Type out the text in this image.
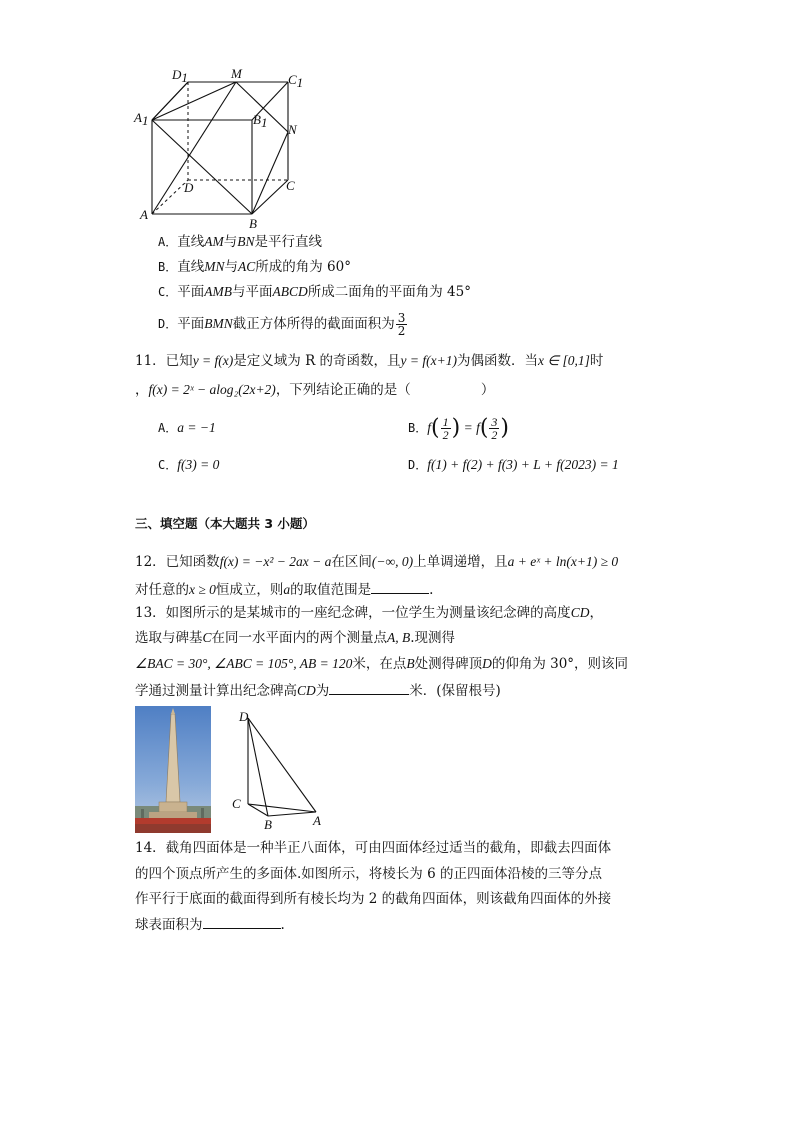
D1	M	C1
A1	B1 N
D	C
A
B
A．直线AM与BN是平行直线
B．直线MN与AC所成的角为 60°
C．平面AMB与平面ABCD所成二面角的平面角为 45°
D．平面BMN截正方体所得的截面面积为 $\frac{3}{2}$
11．已知y = f(x)是定义域为 R 的奇函数，且y = f(x+1)为偶函数．当x ∈ [0,1]时
，f(x) = 2ˣ − alog₂(2x+2)，下列结论正确的是（	）
A．a = −1	B．$f( \frac{1}{2}$ ) = $f( \frac{3}{2}$ )
C．f(3) = 0	D．f(1) + f(2) + f(3) + L + f(2023) = 1
三、填空题（本大题共 3 小题）
12．已知函数f(x) = −x² − 2ax − a在区间(−∞, 0)上单调递增，且a + eˣ + ln(x+1) ≥ 0
对任意的x ≥ 0恒成立，则a的取值范围是	.
13．如图所示的是某城市的一座纪念碑，一位学生为测量该纪念碑的高度CD，
选取与碑基C在同一水平面内的两个测量点A, B.现测得
∠BAC = 30°, ∠ABC = 105°, AB = 120米，在点B处测得碑顶D的仰角为 30°，则该同
学通过测量计算出纪念碑高CD为	米．(保留根号)
D
C
B	A
14．截角四面体是一种半正八面体，可由四面体经过适当的截角，即截去四面体
的四个顶点所产生的多面体.如图所示，将棱长为 6 的正四面体沿棱的三等分点
作平行于底面的截面得到所有棱长均为 2 的截角四面体，则该截角四面体的外接
球表面积为	.
